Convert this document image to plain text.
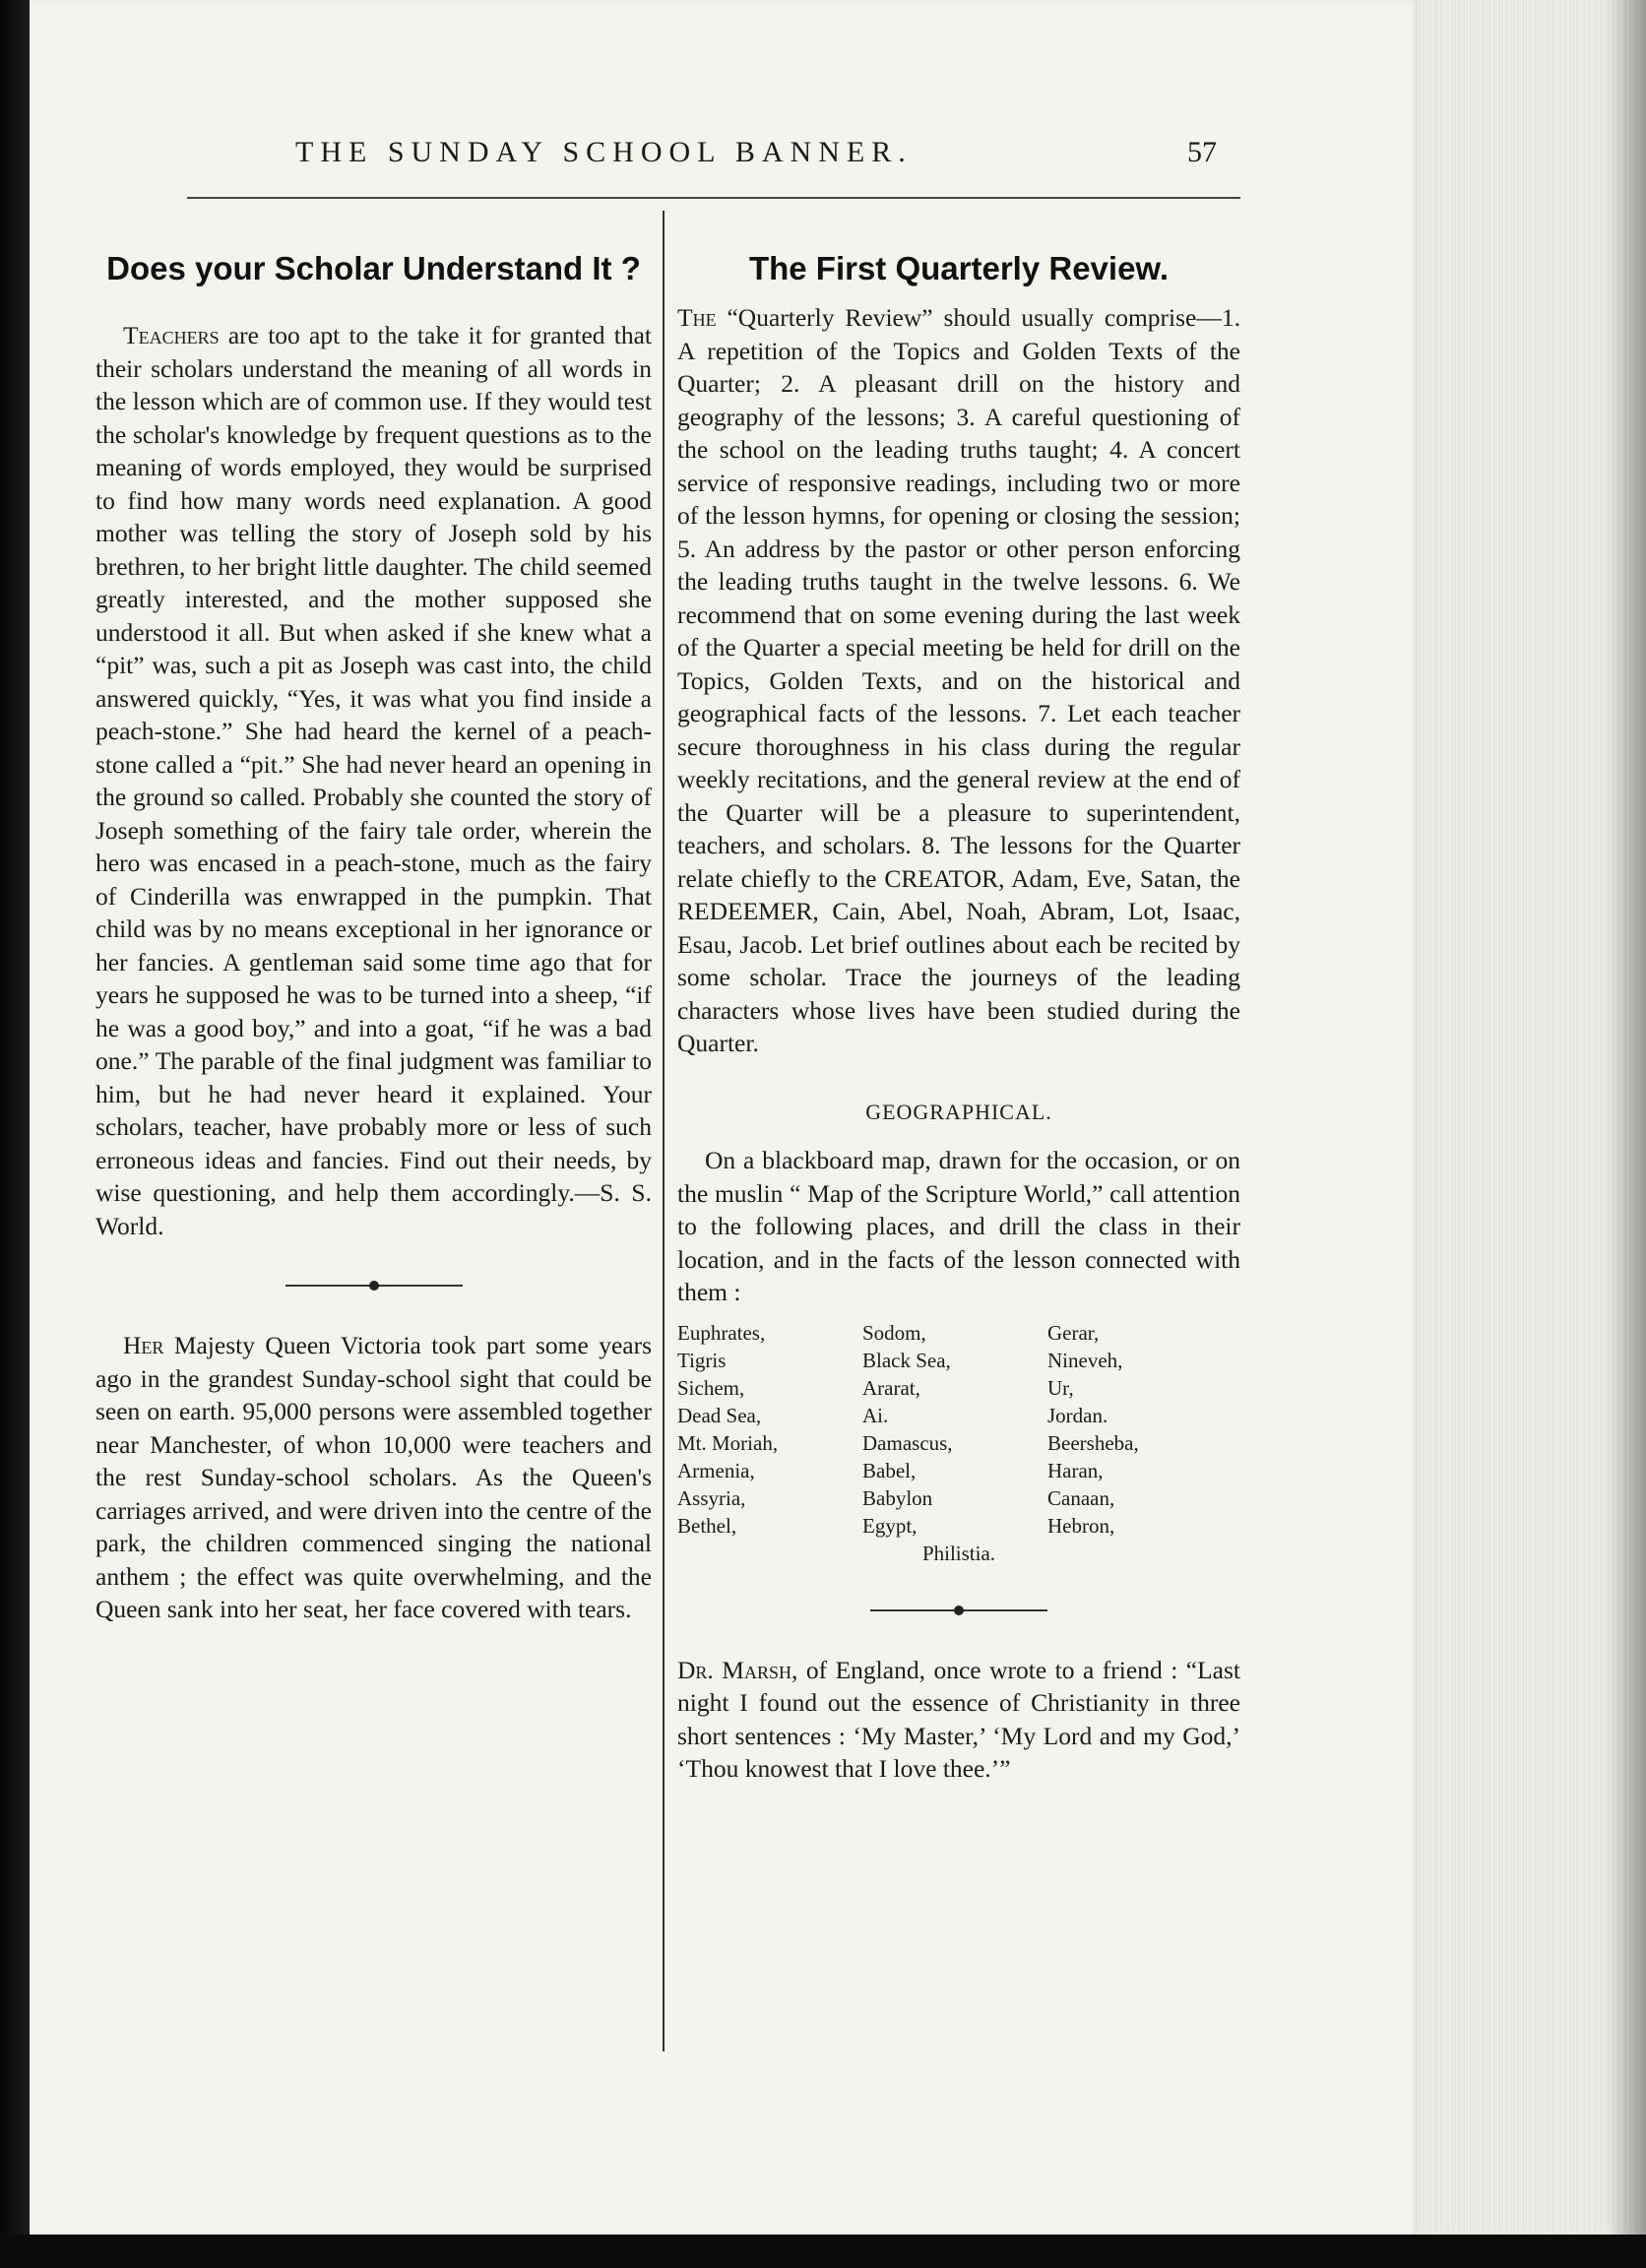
THE SUNDAY SCHOOL BANNER.	57
Does your Scholar Understand It ?

Teachers are too apt to the take it for granted that their scholars understand the meaning of all words in the lesson which are of common use. If they would test the scholar's knowledge by frequent questions as to the meaning of words employed, they would be surprised to find how many words need explanation. A good mother was telling the story of Joseph sold by his brethren, to her bright little daughter. The child seemed greatly interested, and the mother supposed she understood it all. But when asked if she knew what a “pit” was, such a pit as Joseph was cast into, the child answered quickly, “Yes, it was what you find inside a peach-stone.” She had heard the kernel of a peach-stone called a “pit.” She had never heard an opening in the ground so called. Probably she counted the story of Joseph something of the fairy tale order, wherein the hero was encased in a peach-stone, much as the fairy of Cinderilla was enwrapped in the pumpkin. That child was by no means exceptional in her ignorance or her fancies. A gentleman said some time ago that for years he supposed he was to be turned into a sheep, “if he was a good boy,” and into a goat, “if he was a bad one.” The parable of the final judgment was familiar to him, but he had never heard it explained. Your scholars, teacher, have probably more or less of such erroneous ideas and fancies. Find out their needs, by wise questioning, and help them accordingly.—S. S. World.

Her Majesty Queen Victoria took part some years ago in the grandest Sunday-school sight that could be seen on earth. 95,000 persons were assembled together near Manchester, of whon 10,000 were teachers and the rest Sunday-school scholars. As the Queen's carriages arrived, and were driven into the centre of the park, the children commenced singing the national anthem ; the effect was quite overwhelming, and the Queen sank into her seat, her face covered with tears.

The First Quarterly Review.

The “Quarterly Review” should usually comprise—1. A repetition of the Topics and Golden Texts of the Quarter; 2. A pleasant drill on the history and geography of the lessons; 3. A careful questioning of the school on the leading truths taught; 4. A concert service of responsive readings, including two or more of the lesson hymns, for opening or closing the session; 5. An address by the pastor or other person enforcing the leading truths taught in the twelve lessons. 6. We recommend that on some evening during the last week of the Quarter a special meeting be held for drill on the Topics, Golden Texts, and on the historical and geographical facts of the lessons. 7. Let each teacher secure thoroughness in his class during the regular weekly recitations, and the general review at the end of the Quarter will be a pleasure to superintendent, teachers, and scholars. 8. The lessons for the Quarter relate chiefly to the CREATOR, Adam, Eve, Satan, the REDEEMER, Cain, Abel, Noah, Abram, Lot, Isaac, Esau, Jacob. Let brief outlines about each be recited by some scholar. Trace the journeys of the leading characters whose lives have been studied during the Quarter.

GEOGRAPHICAL.

On a blackboard map, drawn for the occasion, or on the muslin “ Map of the Scripture World,” call attention to the following places, and drill the class in their location, and in the facts of the lesson connected with them :

Euphrates,
Tigris
Sichem,
Dead Sea,
Mt. Moriah,
Armenia,
Assyria,
Bethel,
Sodom,
Black Sea,
Ararat,
Ai.
Damascus,
Babel,
Babylon
Egypt,
Gerar,
Nineveh,
Ur,
Jordan.
Beersheba,
Haran,
Canaan,
Hebron,
Philistia.

Dr. Marsh, of England, once wrote to a friend : “Last night I found out the essence of Christianity in three short sentences : ‘My Master,’ ‘My Lord and my God,’ ‘Thou knowest that I love thee.’”
